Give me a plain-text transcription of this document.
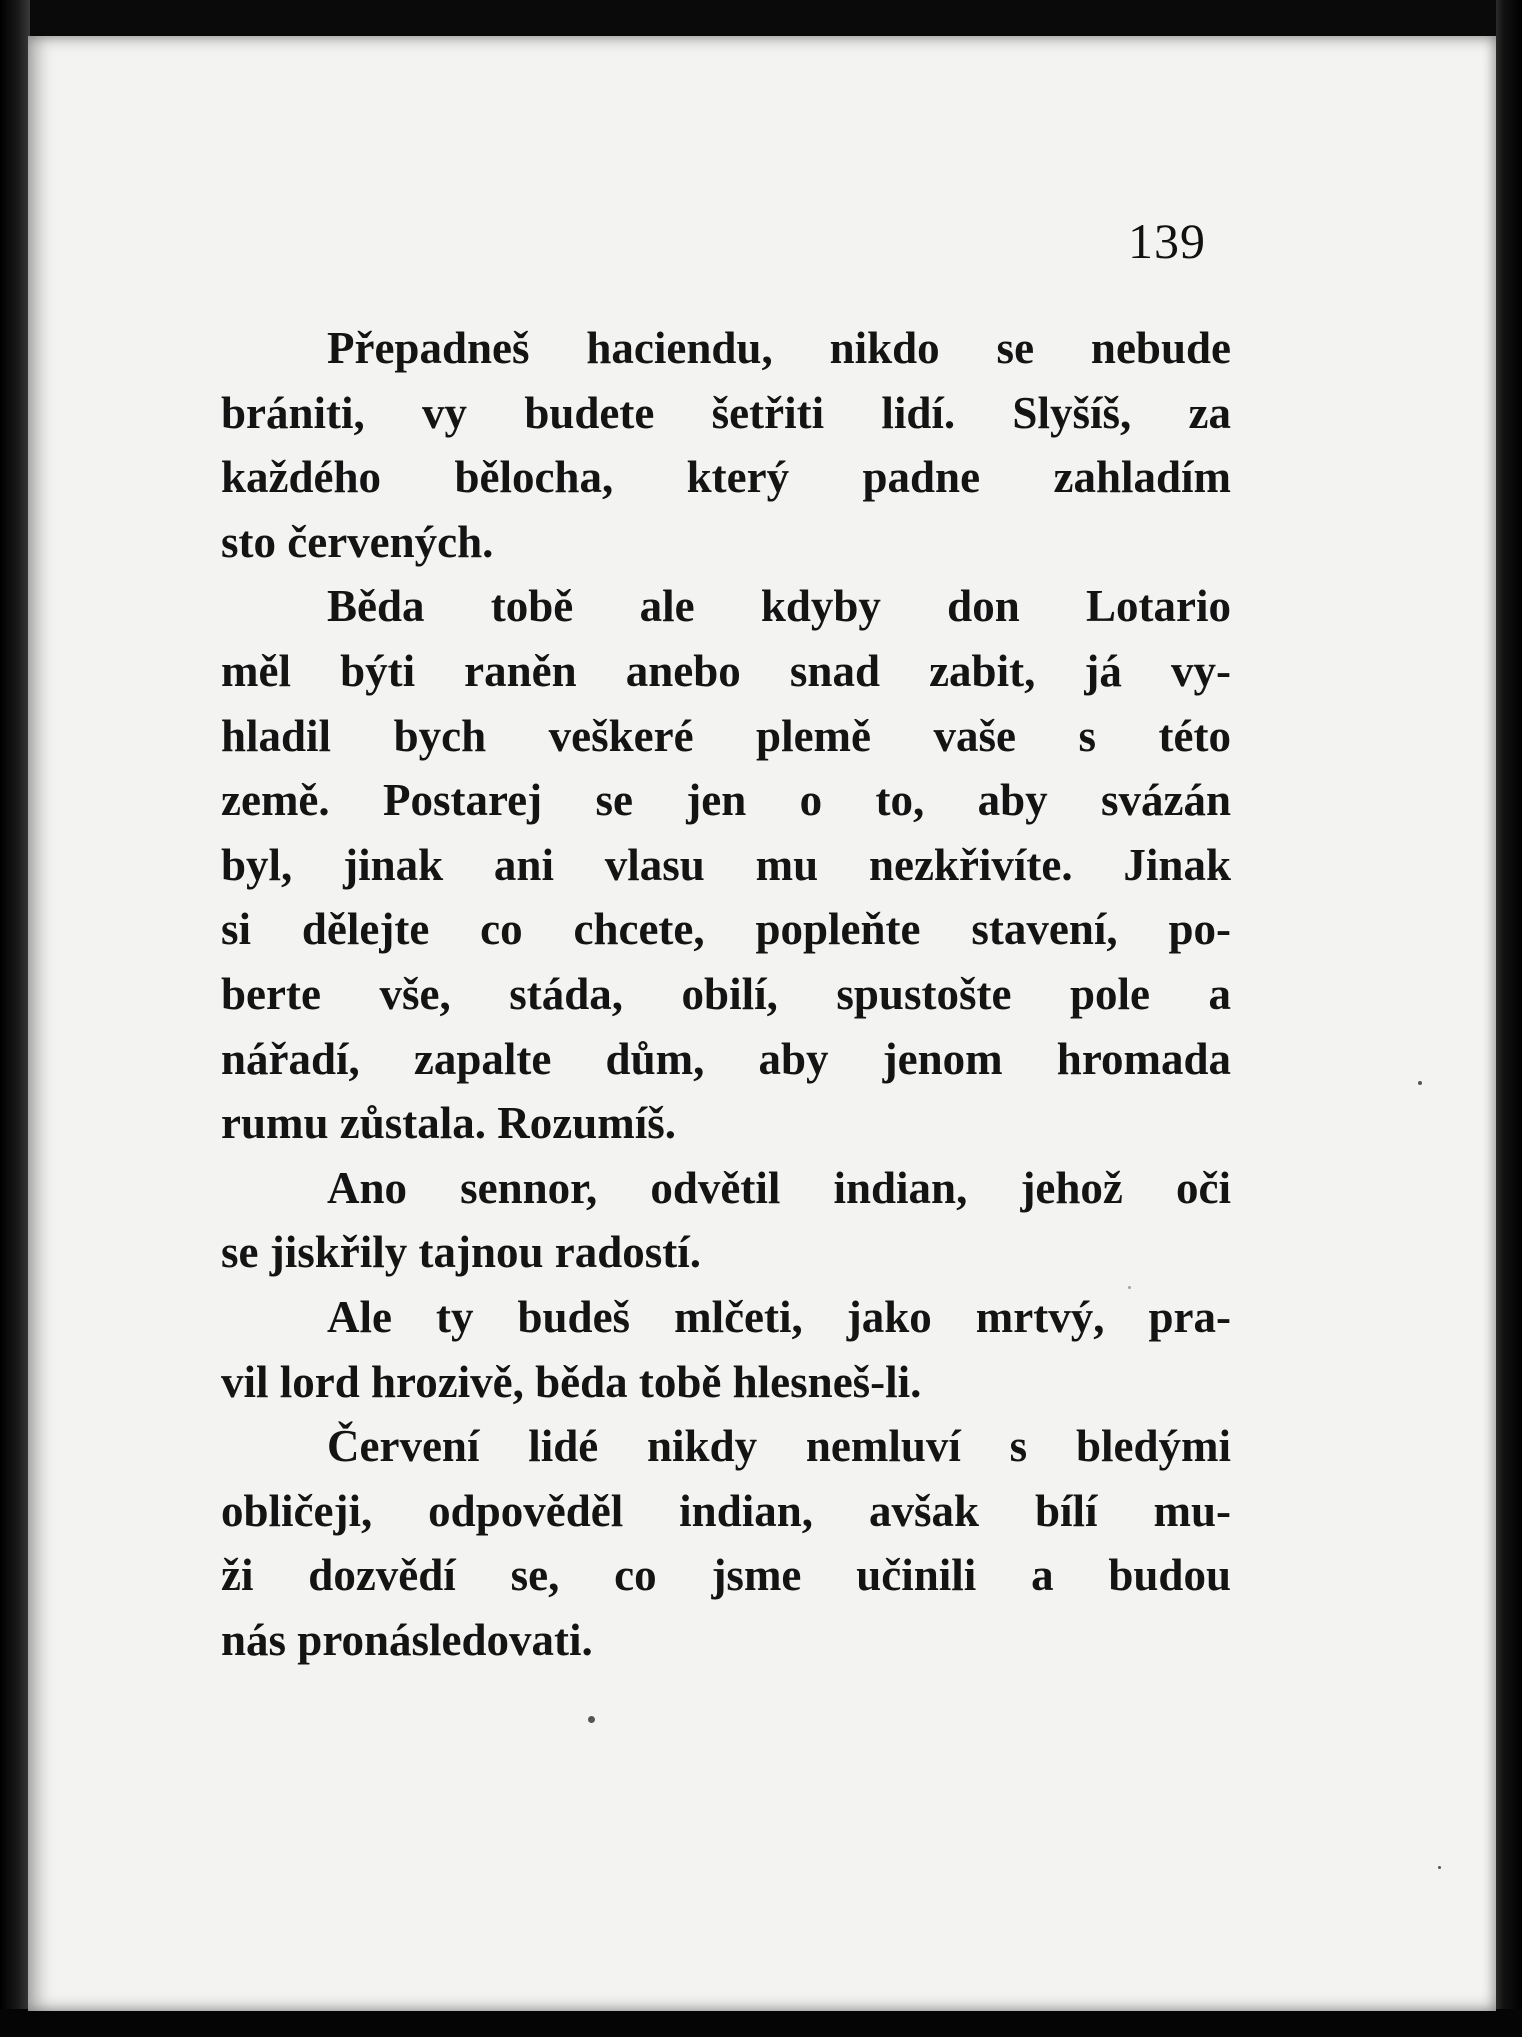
139
Přepadneš haciendu, nikdo se nebude
brániti, vy budete šetřiti lidí. Slyšíš, za
každého bělocha, který padne zahladím
sto červených.
Běda tobě ale kdyby don Lotario
měl býti raněn anebo snad zabit, já vy-
hladil bych veškeré plemě vaše s této
země. Postarej se jen o to, aby svázán
byl, jinak ani vlasu mu nezkřivíte. Jinak
si dělejte co chcete, popleňte stavení, po-
berte vše, stáda, obilí, spustošte pole a
nářadí, zapalte dům, aby jenom hromada
rumu zůstala. Rozumíš.
Ano sennor, odvětil indian, jehož oči
se jiskřily tajnou radostí.
Ale ty budeš mlčeti, jako mrtvý, pra-
vil lord hrozivě, běda tobě hlesneš-li.
Červení lidé nikdy nemluví s bledými
obličeji, odpověděl indian, avšak bílí mu-
ži dozvědí se, co jsme učinili a budou
nás pronásledovati.
